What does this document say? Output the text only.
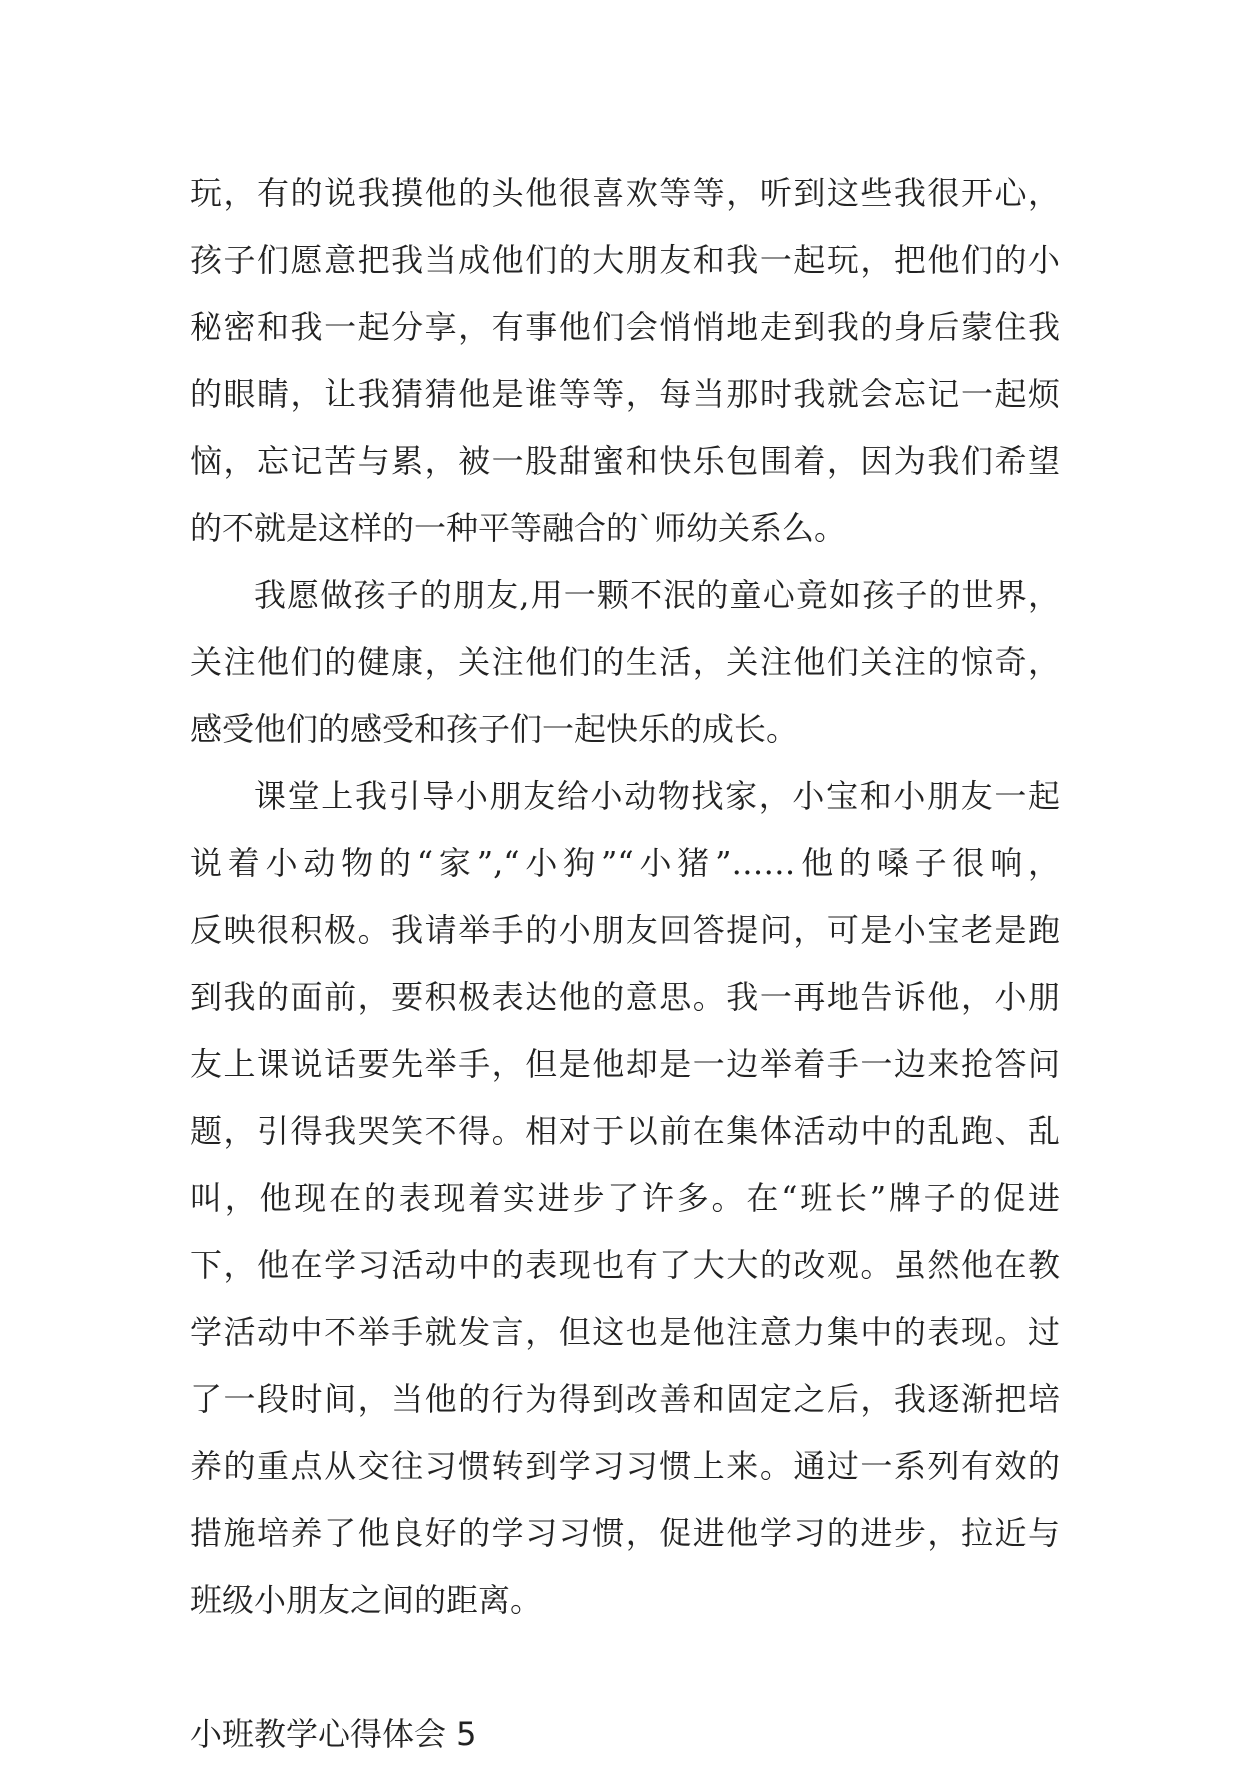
玩，有的说我摸他的头他很喜欢等等，听到这些我很开心，
孩子们愿意把我当成他们的大朋友和我一起玩，把他们的小
秘密和我一起分享，有事他们会悄悄地走到我的身后蒙住我
的眼睛，让我猜猜他是谁等等，每当那时我就会忘记一起烦
恼，忘记苦与累，被一股甜蜜和快乐包围着，因为我们希望
的不就是这样的一种平等融合的`师幼关系么。
我愿做孩子的朋友,用一颗不泯的童心竟如孩子的世界，
关注他们的健康，关注他们的生活，关注他们关注的惊奇，
感受他们的感受和孩子们一起快乐的成长。
课堂上我引导小朋友给小动物找家，小宝和小朋友一起
说着小动物的“家”,“小狗”“小猪”……他的嗓子很响，
反映很积极。我请举手的小朋友回答提问，可是小宝老是跑
到我的面前，要积极表达他的意思。我一再地告诉他，小朋
友上课说话要先举手，但是他却是一边举着手一边来抢答问
题，引得我哭笑不得。相对于以前在集体活动中的乱跑、乱
叫，他现在的表现着实进步了许多。在“班长”牌子的促进
下，他在学习活动中的表现也有了大大的改观。虽然他在教
学活动中不举手就发言，但这也是他注意力集中的表现。过
了一段时间，当他的行为得到改善和固定之后，我逐渐把培
养的重点从交往习惯转到学习习惯上来。通过一系列有效的
措施培养了他良好的学习习惯，促进他学习的进步，拉近与
班级小朋友之间的距离。
小班教学心得体会 5
